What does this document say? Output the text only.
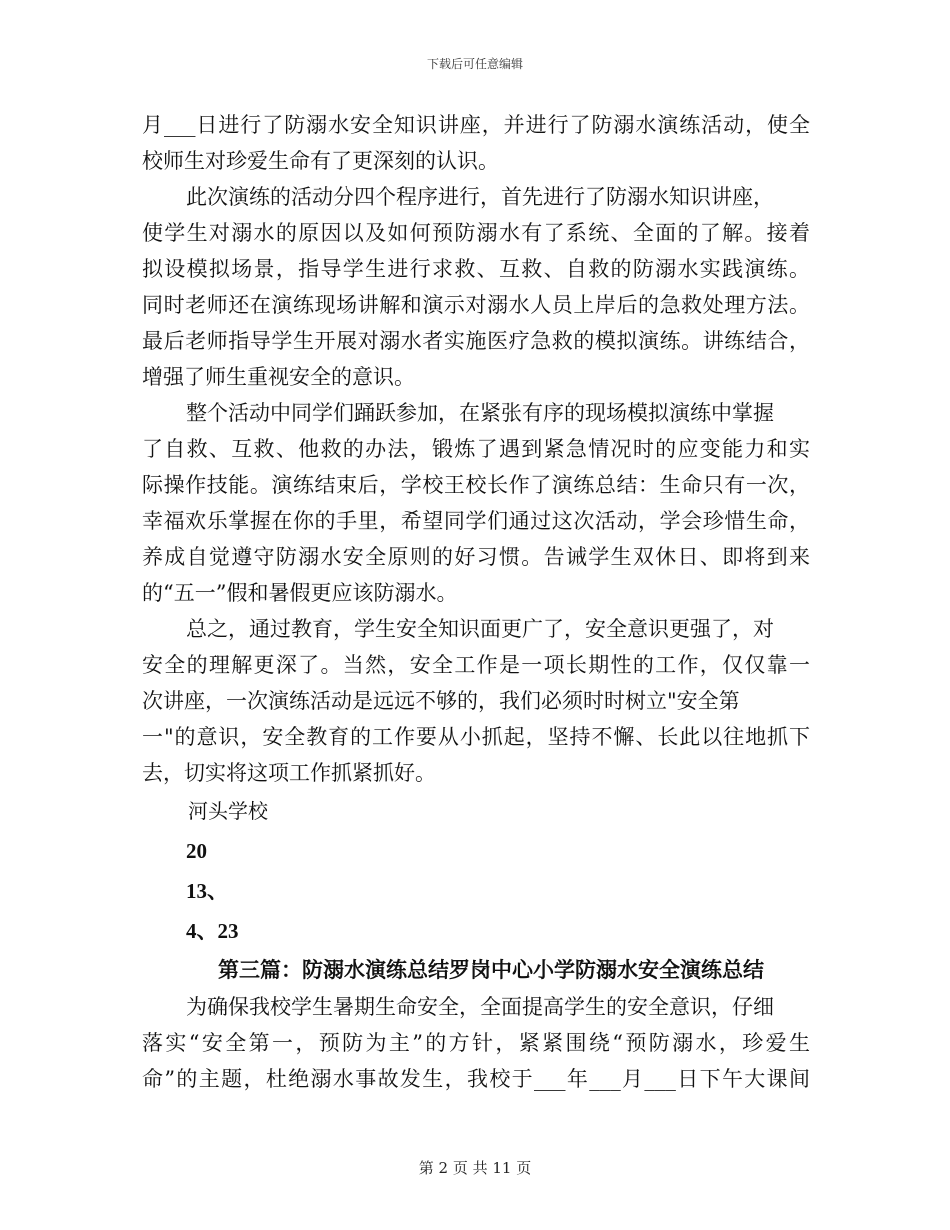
下载后可任意编辑
月___日进行了防溺水安全知识讲座，并进行了防溺水演练活动，使全
校师生对珍爱生命有了更深刻的认识。
此次演练的活动分四个程序进行，首先进行了防溺水知识讲座，
使学生对溺水的原因以及如何预防溺水有了系统、全面的了解。接着
拟设模拟场景，指导学生进行求救、互救、自救的防溺水实践演练。
同时老师还在演练现场讲解和演示对溺水人员上岸后的急救处理方法。
最后老师指导学生开展对溺水者实施医疗急救的模拟演练。讲练结合，
增强了师生重视安全的意识。
整个活动中同学们踊跃参加，在紧张有序的现场模拟演练中掌握
了自救、互救、他救的办法，锻炼了遇到紧急情况时的应变能力和实
际操作技能。演练结束后，学校王校长作了演练总结：生命只有一次，
幸福欢乐掌握在你的手里，希望同学们通过这次活动，学会珍惜生命，
养成自觉遵守防溺水安全原则的好习惯。告诫学生双休日、即将到来
的“五一”假和暑假更应该防溺水。
总之，通过教育，学生安全知识面更广了，安全意识更强了，对
安全的理解更深了。当然，安全工作是一项长期性的工作，仅仅靠一
次讲座，一次演练活动是远远不够的，我们必须时时树立"安全第
一"的意识，安全教育的工作要从小抓起，坚持不懈、长此以往地抓下
去，切实将这项工作抓紧抓好。
河头学校
20
13、
4、23
第三篇：防溺水演练总结罗岗中心小学防溺水安全演练总结
为确保我校学生暑期生命安全，全面提高学生的安全意识，仔细
落实“安全第一，预防为主”的方针，紧紧围绕“预防溺水，珍爱生
命”的主题，杜绝溺水事故发生，我校于___年___月___日下午大课间
第 2 页 共 11 页
